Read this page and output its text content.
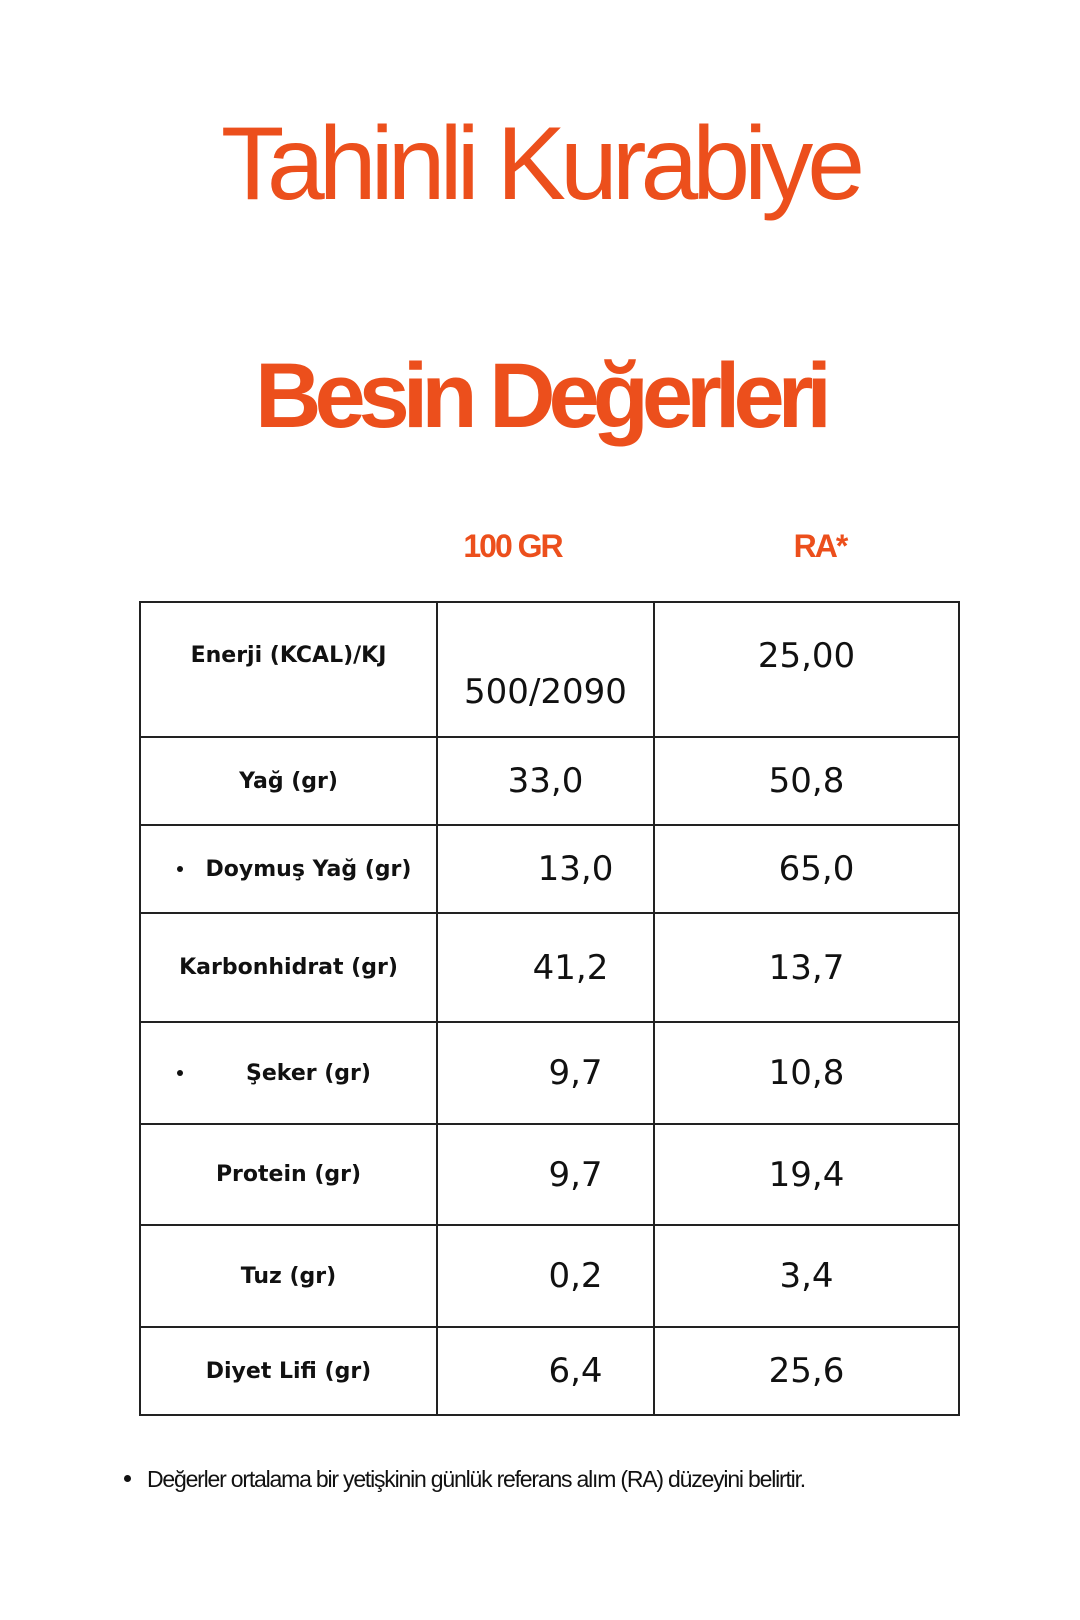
Tahinli Kurabiye
Besin Değerleri
100 GR	RA*
Enerji (KCAL)/KJ	500/2090	25,00
Yağ (gr)	33,0	50,8

Doymuş Yağ (gr)	13,0	65,0
Karbonhidrat (gr)	41,2	13,7

Şeker (gr)	9,7	10,8
Protein (gr)	9,7	19,4
Tuz (gr)	0,2	3,4
Diyet Lifi (gr)	6,4	25,6
Değerler ortalama bir yetişkinin günlük referans alım (RA) düzeyini belirtir.
